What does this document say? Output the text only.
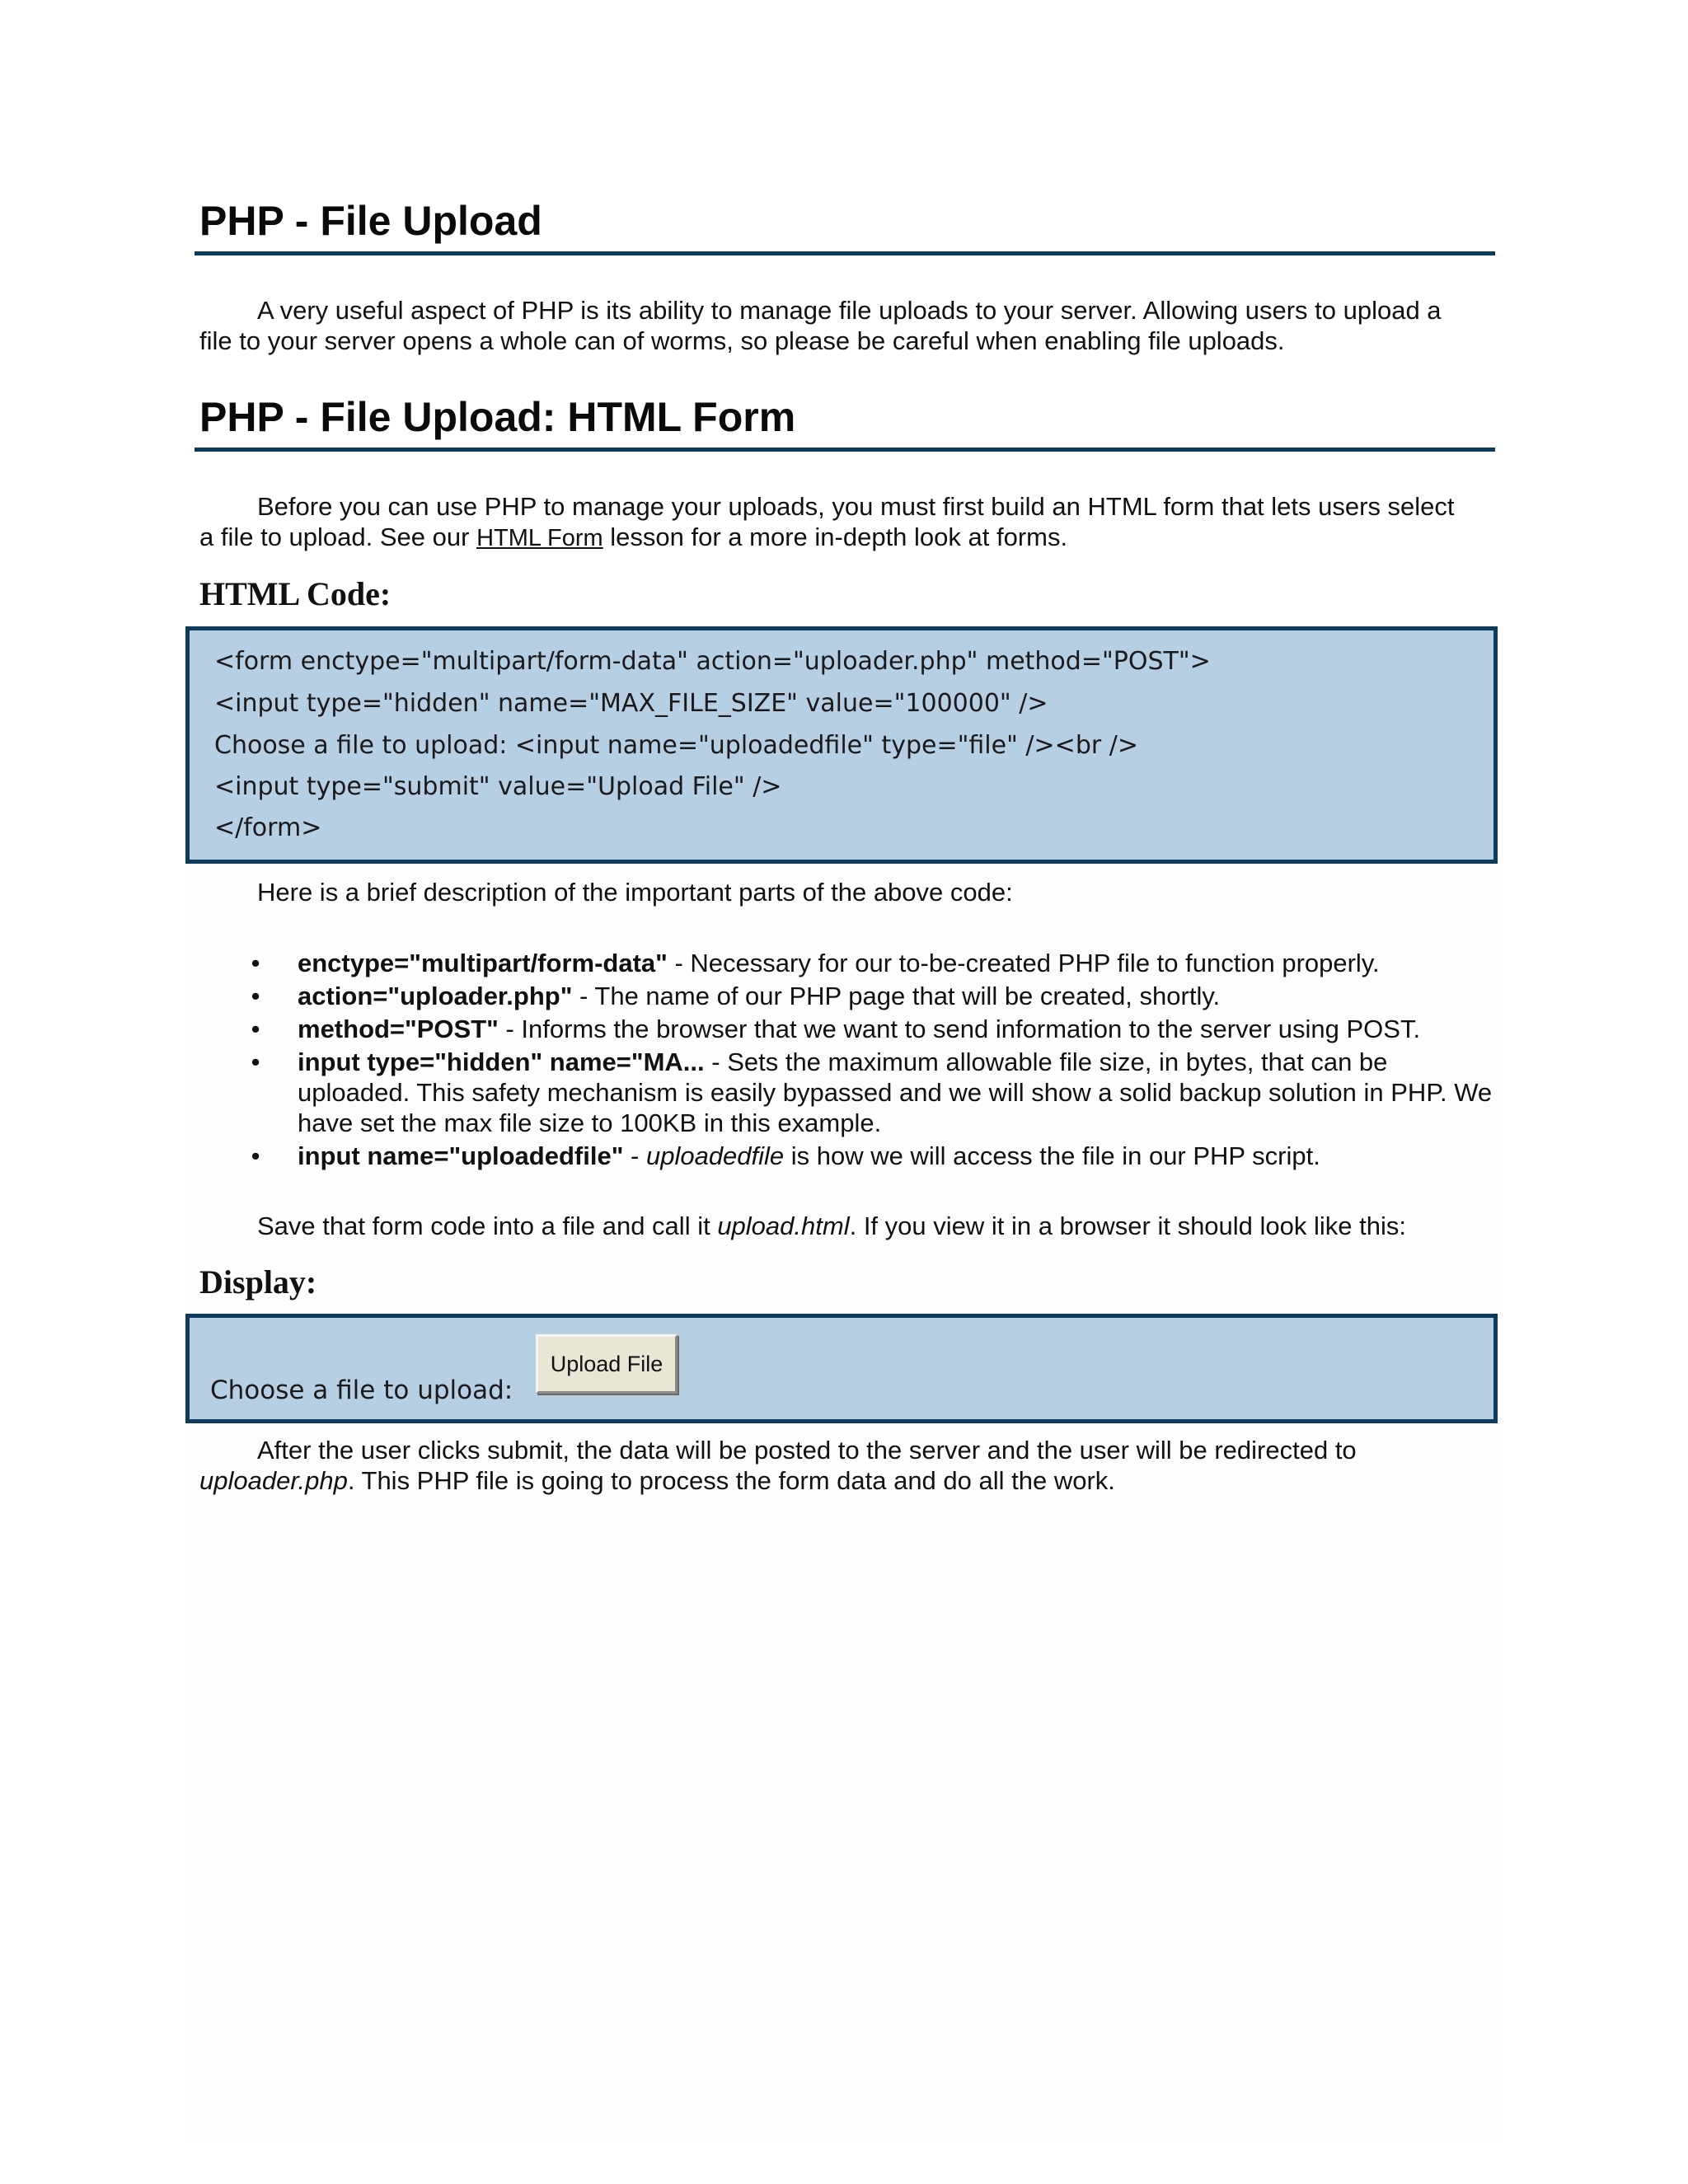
PHP - File Upload

A very useful aspect of PHP is its ability to manage file uploads to your server. Allowing users to upload a
file to your server opens a whole can of worms, so please be careful when enabling file uploads.

PHP - File Upload: HTML Form

Before you can use PHP to manage your uploads, you must first build an HTML form that lets users select
a file to upload. See our HTML Form lesson for a more in-depth look at forms.

HTML Code:
<form enctype="multipart/form-data" action="uploader.php" method="POST">
<input type="hidden" name="MAX_FILE_SIZE" value="100000" />
Choose a file to upload: <input name="uploadedfile" type="file" /><br />
<input type="submit" value="Upload File" />
</form>

Here is a brief description of the important parts of the above code:

• enctype="multipart/form-data" - Necessary for our to-be-created PHP file to function properly.
• action="uploader.php" - The name of our PHP page that will be created, shortly.
• method="POST" - Informs the browser that we want to send information to the server using POST.
• input type="hidden" name="MA... - Sets the maximum allowable file size, in bytes, that can be uploaded. This safety mechanism is easily bypassed and we will show a solid backup solution in PHP. We have set the max file size to 100KB in this example.
• input name="uploadedfile" - uploadedfile is how we will access the file in our PHP script.

Save that form code into a file and call it upload.html. If you view it in a browser it should look like this:

Display:
Choose a file to upload:
Upload File

After the user clicks submit, the data will be posted to the server and the user will be redirected to
uploader.php. This PHP file is going to process the form data and do all the work.
